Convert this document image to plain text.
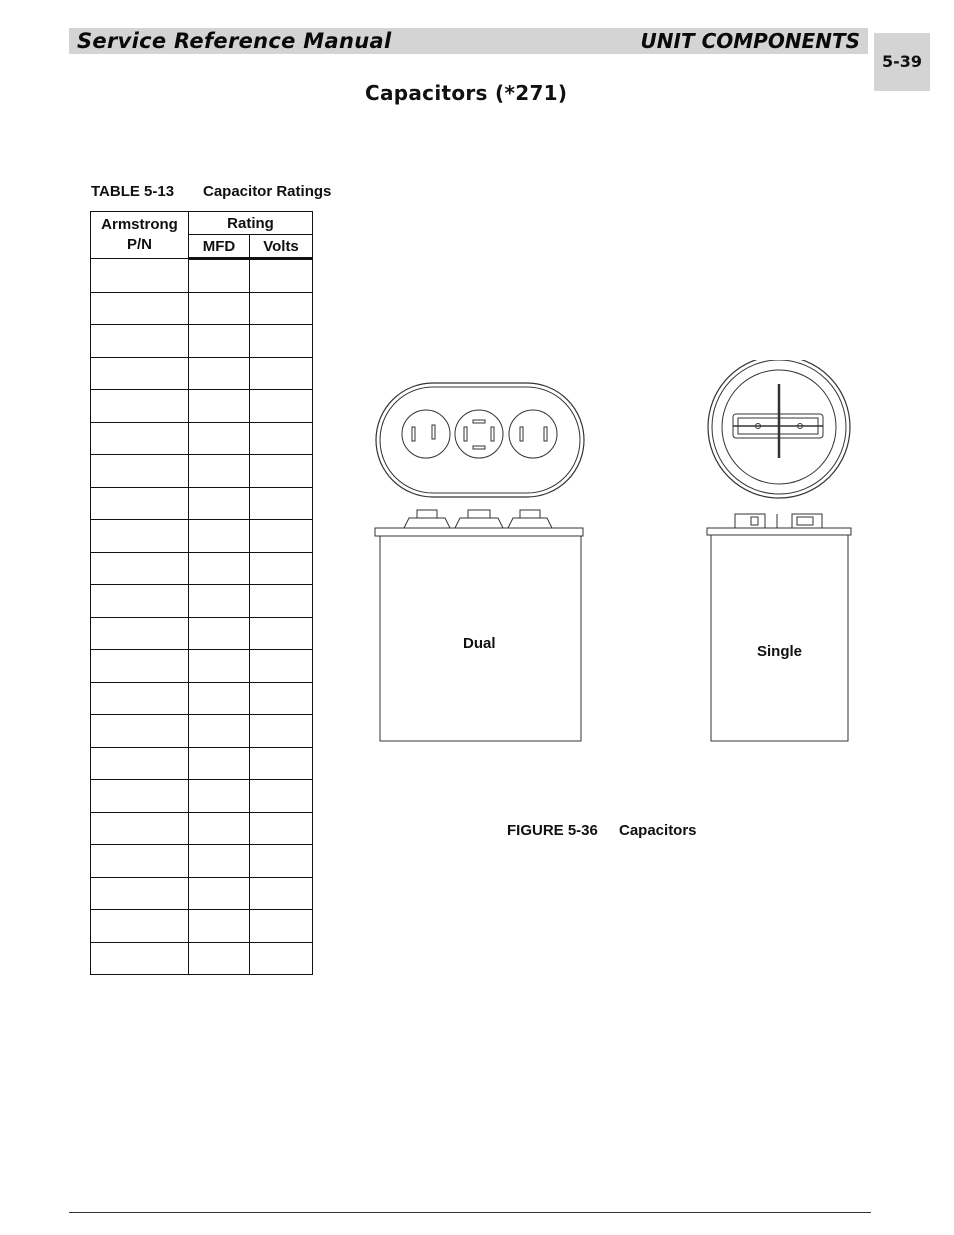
Service Reference Manual	UNIT COMPONENTS
5-39
Capacitors (*271)
TABLE 5-13 Capacitor Ratings
Armstrong P/N	Rating	
	MFD	Volts

Dual	Single
FIGURE 5-36 Capacitors
